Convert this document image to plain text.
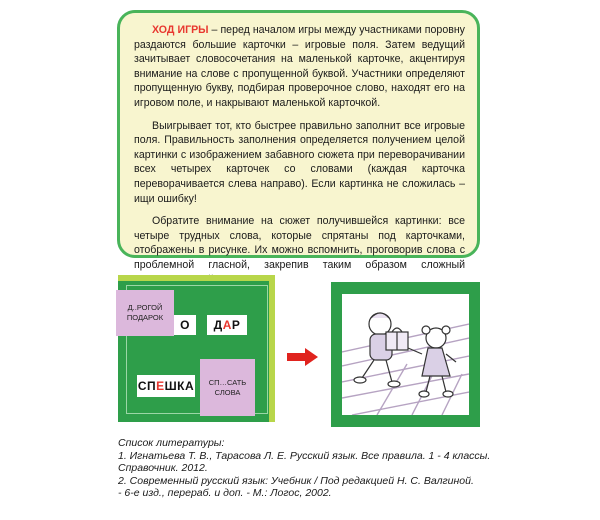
ХОД ИГРЫ – перед началом игры между участниками поровну раздаются большие карточки – игровые поля. Затем ведущий зачитывает словосочетания на маленькой карточке, акцентируя внимание на слове с пропущенной буквой. Участники определяют пропущенную букву, подбирая проверочное слово, находят его на игровом поле, и накрывают маленькой карточкой.

Выигрывает тот, кто быстрее правильно заполнит все игровые поля. Правильность заполнения определяется получением целой картинки с изображением забавного сюжета при переворачивании всех четырех карточек со словами (каждая карточка переворачивается слева направо). Если картинка не сложилась – ищи ошибку!

Обратите внимание на сюжет получившейся картинки: все четыре трудных слова, которые спрятаны под карточками, отображены в рисунке. Их можно вспомнить, проговорив слова с проблемной гласной, закрепив таким образом сложный

Д..РОГОЙ
ПОДАРОК
О Д А Р
СП Е ШКА СП…САТЬ
СЛОВА
Список литературы:
1. Игнатьева Т. В., Тарасова Л. Е. Русский язык. Все правила. 1 - 4 классы.
Справочник. 2012.
2. Современный русский язык: Учебник / Под редакцией Н. С. Валгиной.
- 6-е изд., перераб. и доп. - М.: Логос, 2002.
